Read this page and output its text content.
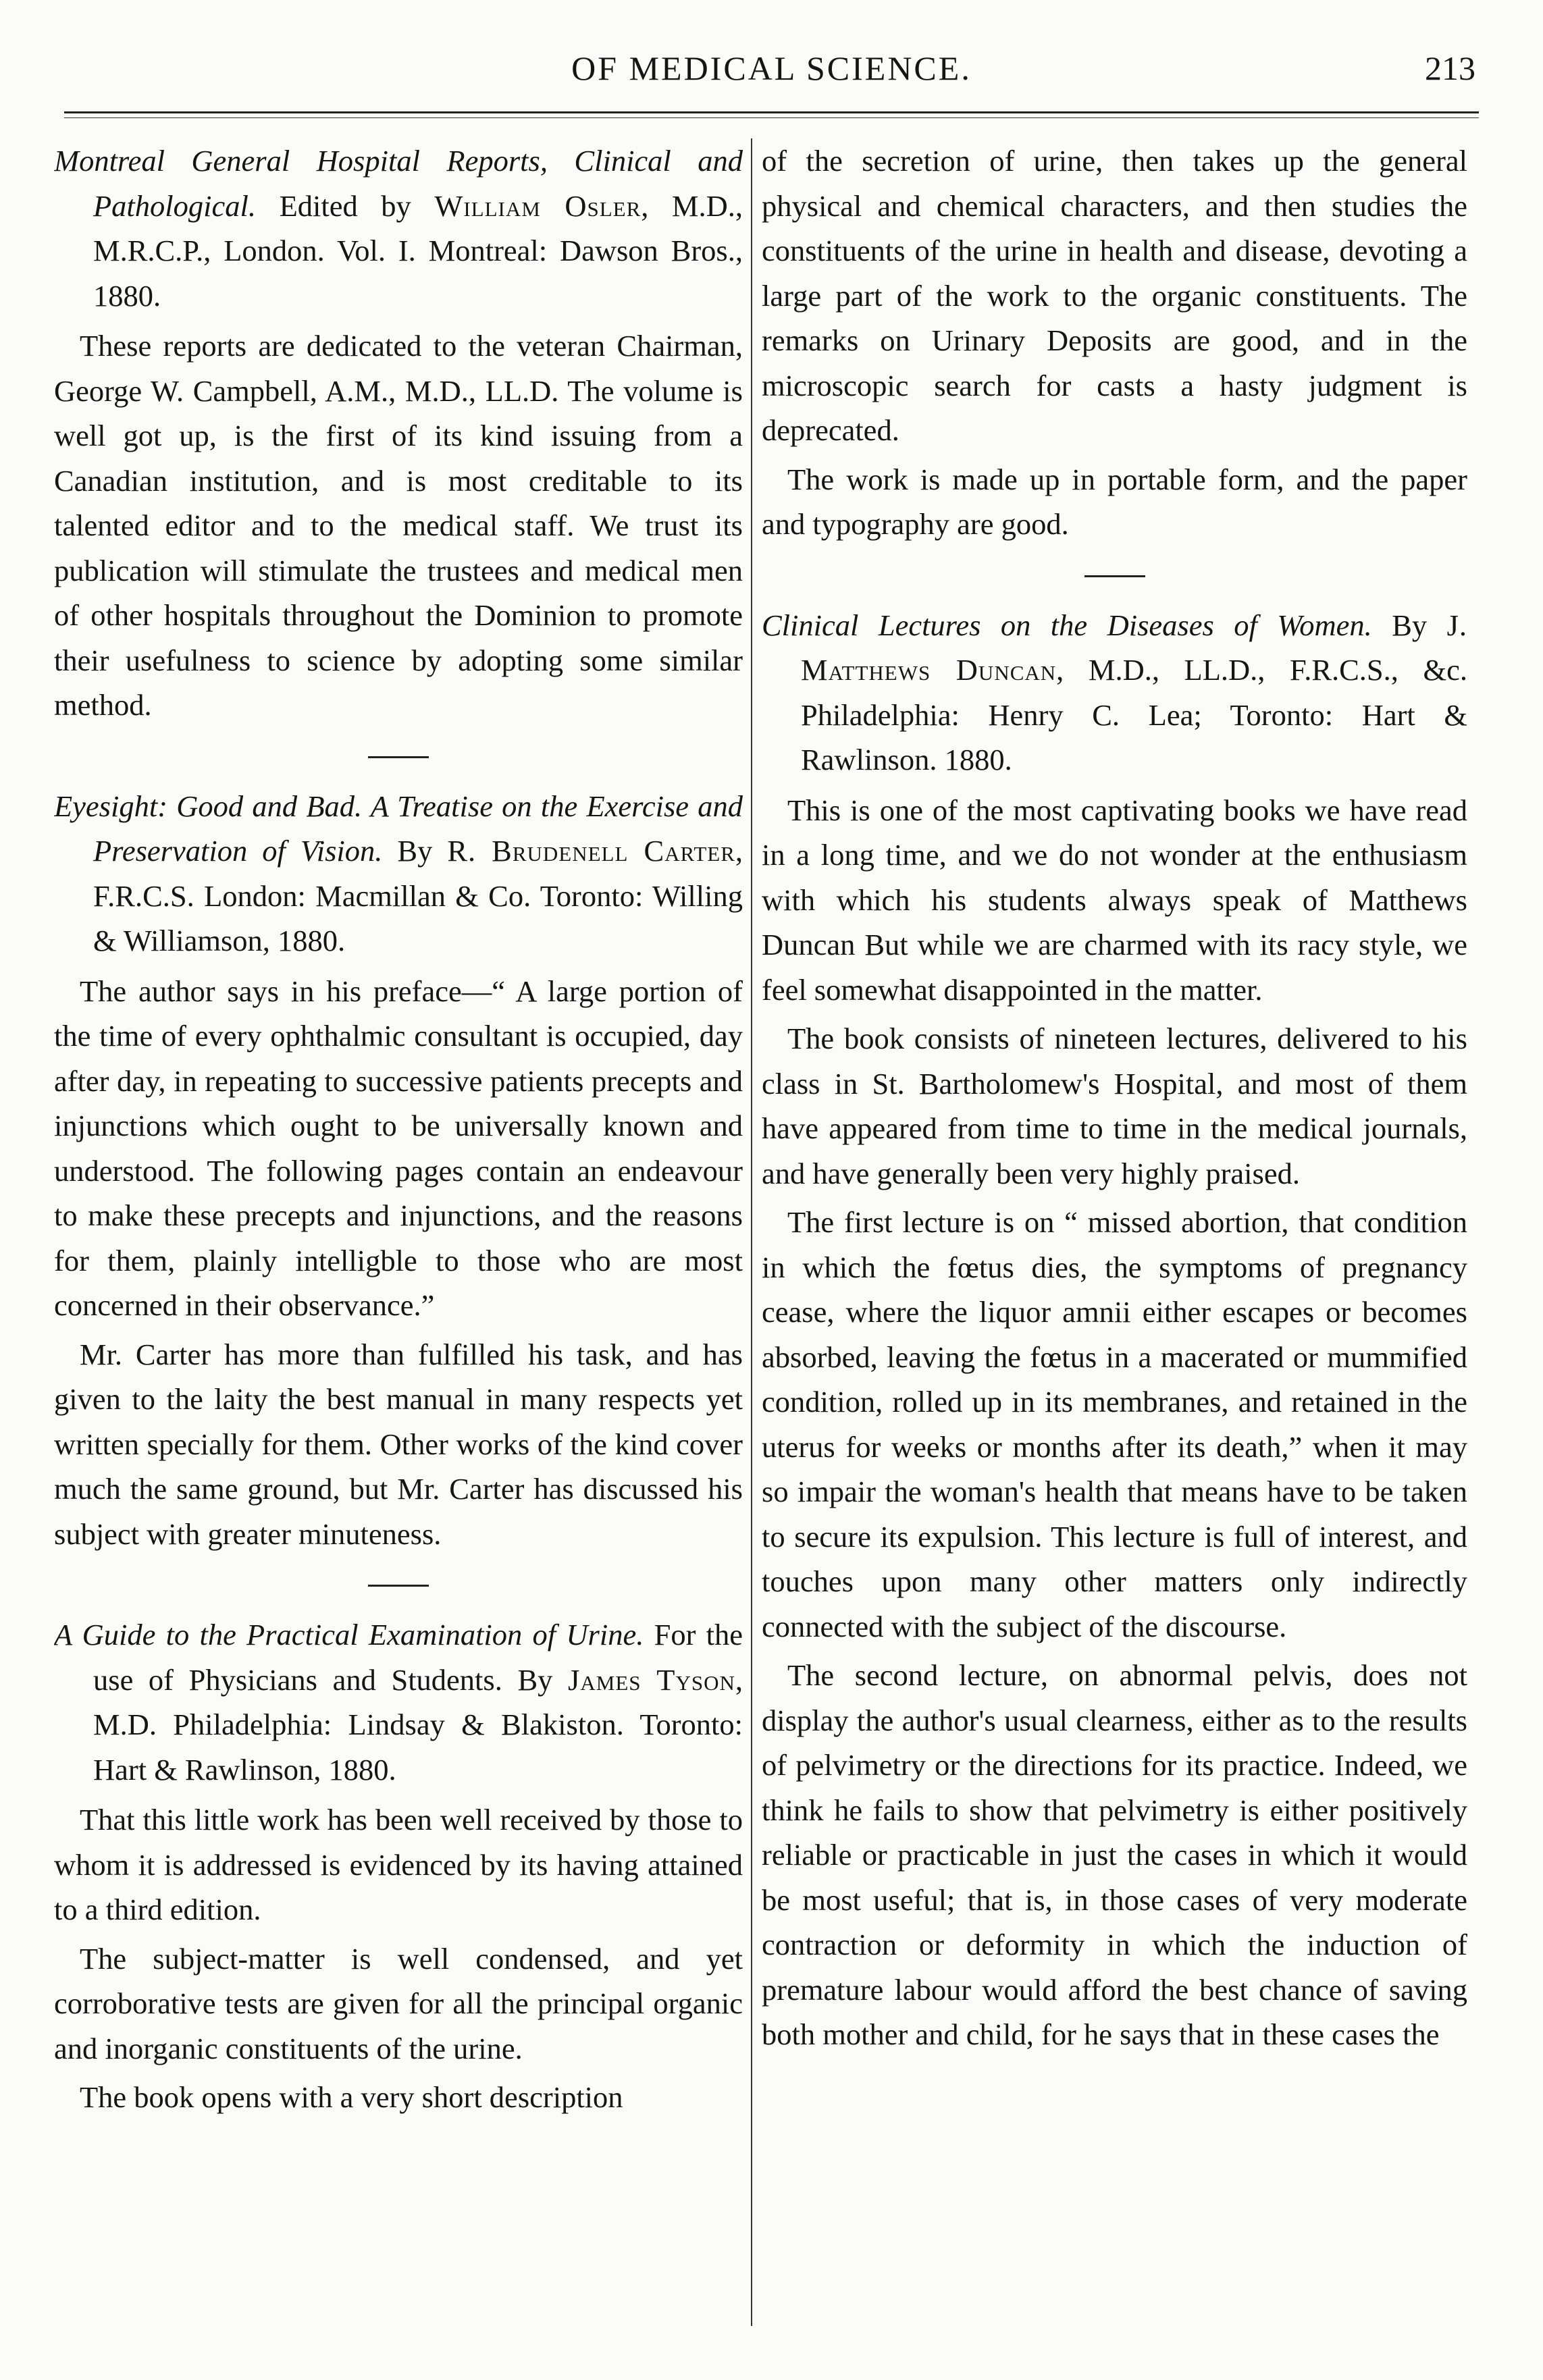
OF MEDICAL SCIENCE.	213

Montreal General Hospital Reports, Clinical and Pathological. Edited by William Osler, M.D., M.R.C.P., London. Vol. I. Montreal: Dawson Bros., 1880.

These reports are dedicated to the veteran Chairman, George W. Campbell, A.M., M.D., LL.D. The volume is well got up, is the first of its kind issuing from a Canadian institution, and is most creditable to its talented editor and to the medical staff. We trust its publication will stimulate the trustees and medical men of other hospitals throughout the Dominion to promote their usefulness to science by adopting some similar method.

Eyesight: Good and Bad. A Treatise on the Exercise and Preservation of Vision. By R. Brudenell Carter, F.R.C.S. London: Macmillan & Co. Toronto: Willing & Williamson, 1880.

The author says in his preface—“ A large portion of the time of every ophthalmic consultant is occupied, day after day, in repeating to successive patients precepts and injunctions which ought to be universally known and understood. The following pages contain an endeavour to make these precepts and injunctions, and the reasons for them, plainly intelligble to those who are most concerned in their observance.”

Mr. Carter has more than fulfilled his task, and has given to the laity the best manual in many respects yet written specially for them. Other works of the kind cover much the same ground, but Mr. Carter has discussed his subject with greater minuteness.

A Guide to the Practical Examination of Urine. For the use of Physicians and Students. By James Tyson, M.D. Philadelphia: Lindsay & Blakiston. Toronto: Hart & Rawlinson, 1880.

That this little work has been well received by those to whom it is addressed is evidenced by its having attained to a third edition.

The subject-matter is well condensed, and yet corroborative tests are given for all the principal organic and inorganic constituents of the urine.

The book opens with a very short description

of the secretion of urine, then takes up the general physical and chemical characters, and then studies the constituents of the urine in health and disease, devoting a large part of the work to the organic constituents. The remarks on Urinary Deposits are good, and in the microscopic search for casts a hasty judgment is deprecated.

The work is made up in portable form, and the paper and typography are good.

Clinical Lectures on the Diseases of Women. By J. Matthews Duncan, M.D., LL.D., F.R.C.S., &c. Philadelphia: Henry C. Lea; Toronto: Hart & Rawlinson. 1880.

This is one of the most captivating books we have read in a long time, and we do not wonder at the enthusiasm with which his students always speak of Matthews Duncan But while we are charmed with its racy style, we feel somewhat disappointed in the matter.

The book consists of nineteen lectures, delivered to his class in St. Bartholomew's Hospital, and most of them have appeared from time to time in the medical journals, and have generally been very highly praised.

The first lecture is on “ missed abortion, that condition in which the fœtus dies, the symptoms of pregnancy cease, where the liquor amnii either escapes or becomes absorbed, leaving the fœtus in a macerated or mummified condition, rolled up in its membranes, and retained in the uterus for weeks or months after its death,” when it may so impair the woman's health that means have to be taken to secure its expulsion. This lecture is full of interest, and touches upon many other matters only indirectly connected with the subject of the discourse.

The second lecture, on abnormal pelvis, does not display the author's usual clearness, either as to the results of pelvimetry or the directions for its practice. Indeed, we think he fails to show that pelvimetry is either positively reliable or practicable in just the cases in which it would be most useful; that is, in those cases of very moderate contraction or deformity in which the induction of premature labour would afford the best chance of saving both mother and child, for he says that in these cases the
